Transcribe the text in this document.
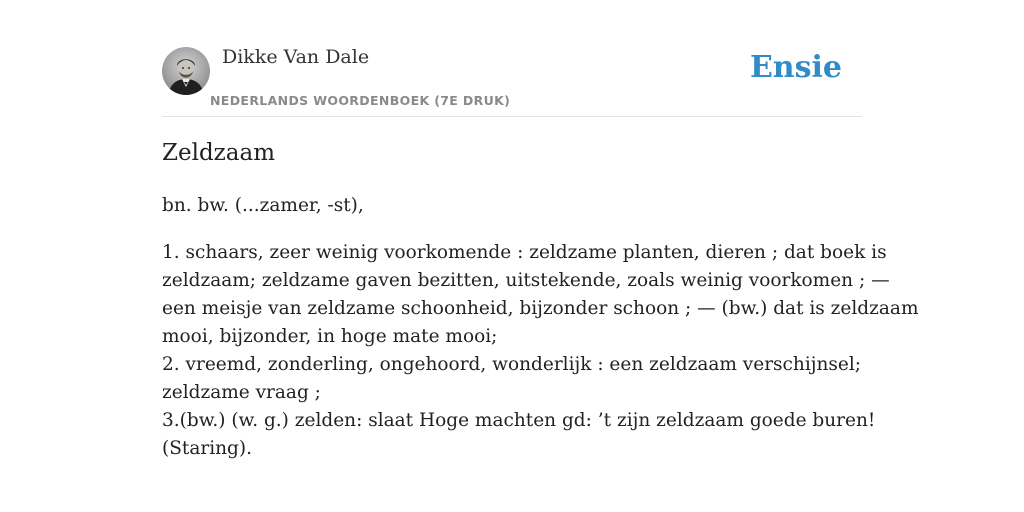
Dikke Van Dale
NEDERLANDS WOORDENBOEK (7E DRUK)
Ensie
Zeldzaam

bn. bw. (...zamer, -st),

1. schaars, zeer weinig voorkomende : zeldzame planten, dieren ; dat boek is
zeldzaam; zeldzame gaven bezitten, uitstekende, zoals weinig voorkomen ; —
een meisje van zeldzame schoonheid, bijzonder schoon ; — (bw.) dat is zeldzaam
mooi, bijzonder, in hoge mate mooi;
2. vreemd, zonderling, ongehoord, wonderlijk : een zeldzaam verschijnsel;
zeldzame vraag ;
3.(bw.) (w. g.) zelden: slaat Hoge machten gd: ’t zijn zeldzaam goede buren!
(Staring).
